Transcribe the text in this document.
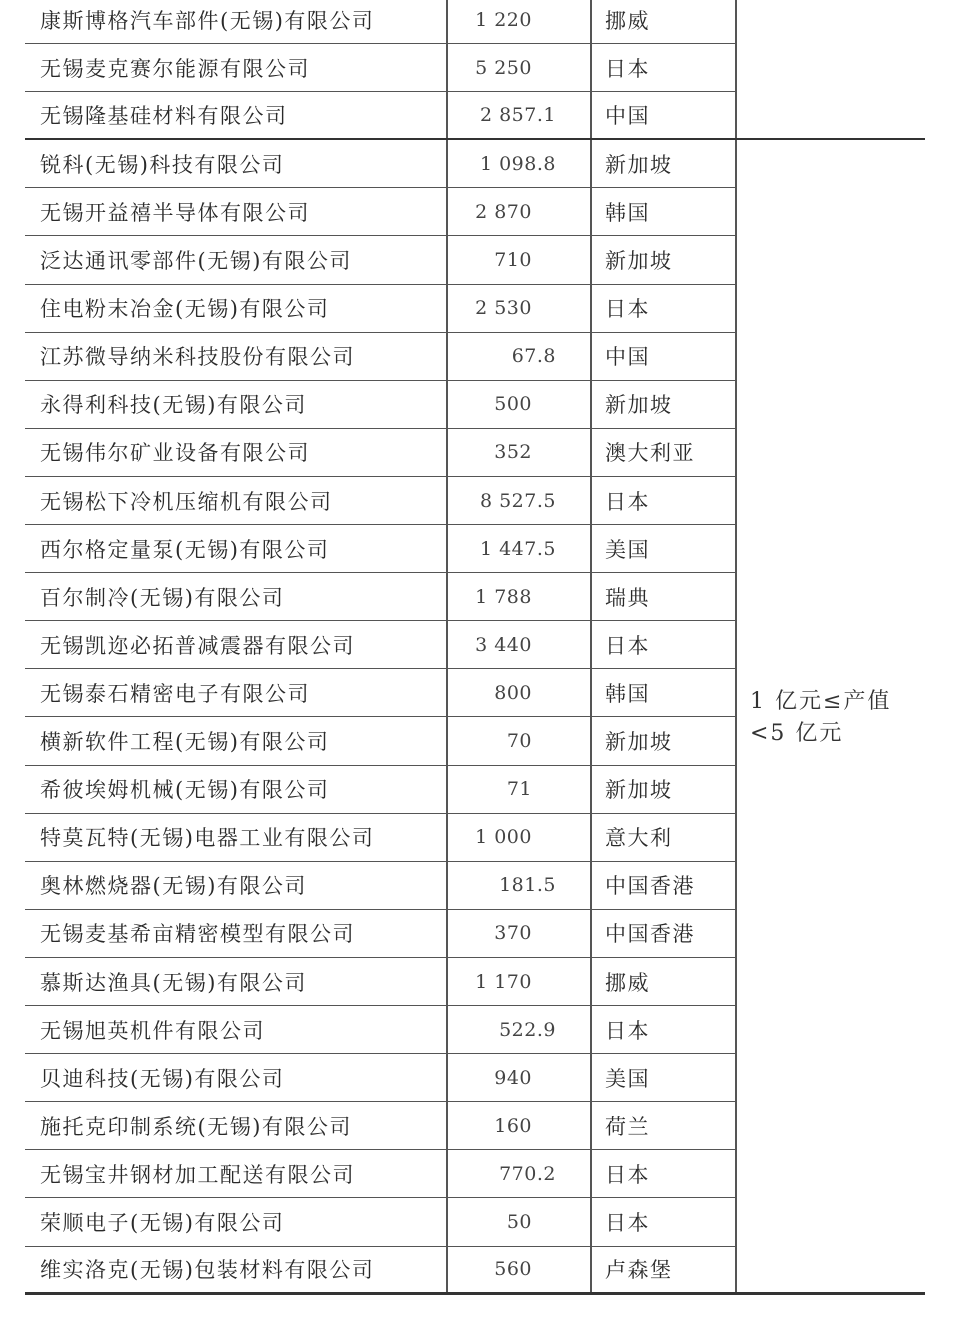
康斯博格汽车部件(无锡)有限公司	1 220	挪威
无锡麦克赛尔能源有限公司	5 250	日本
无锡隆基硅材料有限公司	2 857.1 中国
锐科(无锡)科技有限公司	1 098.8 新加坡
无锡开益禧半导体有限公司	2 870	韩国
泛达通讯零部件(无锡)有限公司	710	新加坡
住电粉末冶金(无锡)有限公司	2 530	日本
江苏微导纳米科技股份有限公司	67.8 中国
永得利科技(无锡)有限公司	500	新加坡
无锡伟尔矿业设备有限公司	352	澳大利亚
无锡松下冷机压缩机有限公司	8 527.5 日本
西尔格定量泵(无锡)有限公司	1 447.5 美国
百尔制冷(无锡)有限公司	1 788	瑞典
无锡凯迩必拓普减震器有限公司	3 440	日本
无锡泰石精密电子有限公司	800	韩国
横新软件工程(无锡)有限公司	70	新加坡
希彼埃姆机械(无锡)有限公司	71	新加坡
特莫瓦特(无锡)电器工业有限公司	1 000	意大利
奥林燃烧器(无锡)有限公司	181.5 中国香港
无锡麦基希亩精密模型有限公司	370	中国香港
慕斯达渔具(无锡)有限公司	1 170	挪威
无锡旭英机件有限公司	522.9 日本
贝迪科技(无锡)有限公司	940	美国
施托克印制系统(无锡)有限公司	160	荷兰
无锡宝井钢材加工配送有限公司	770.2 日本
荣顺电子(无锡)有限公司	50	日本
维实洛克(无锡)包装材料有限公司	560	卢森堡
1 亿元≤产值
<5 亿元
